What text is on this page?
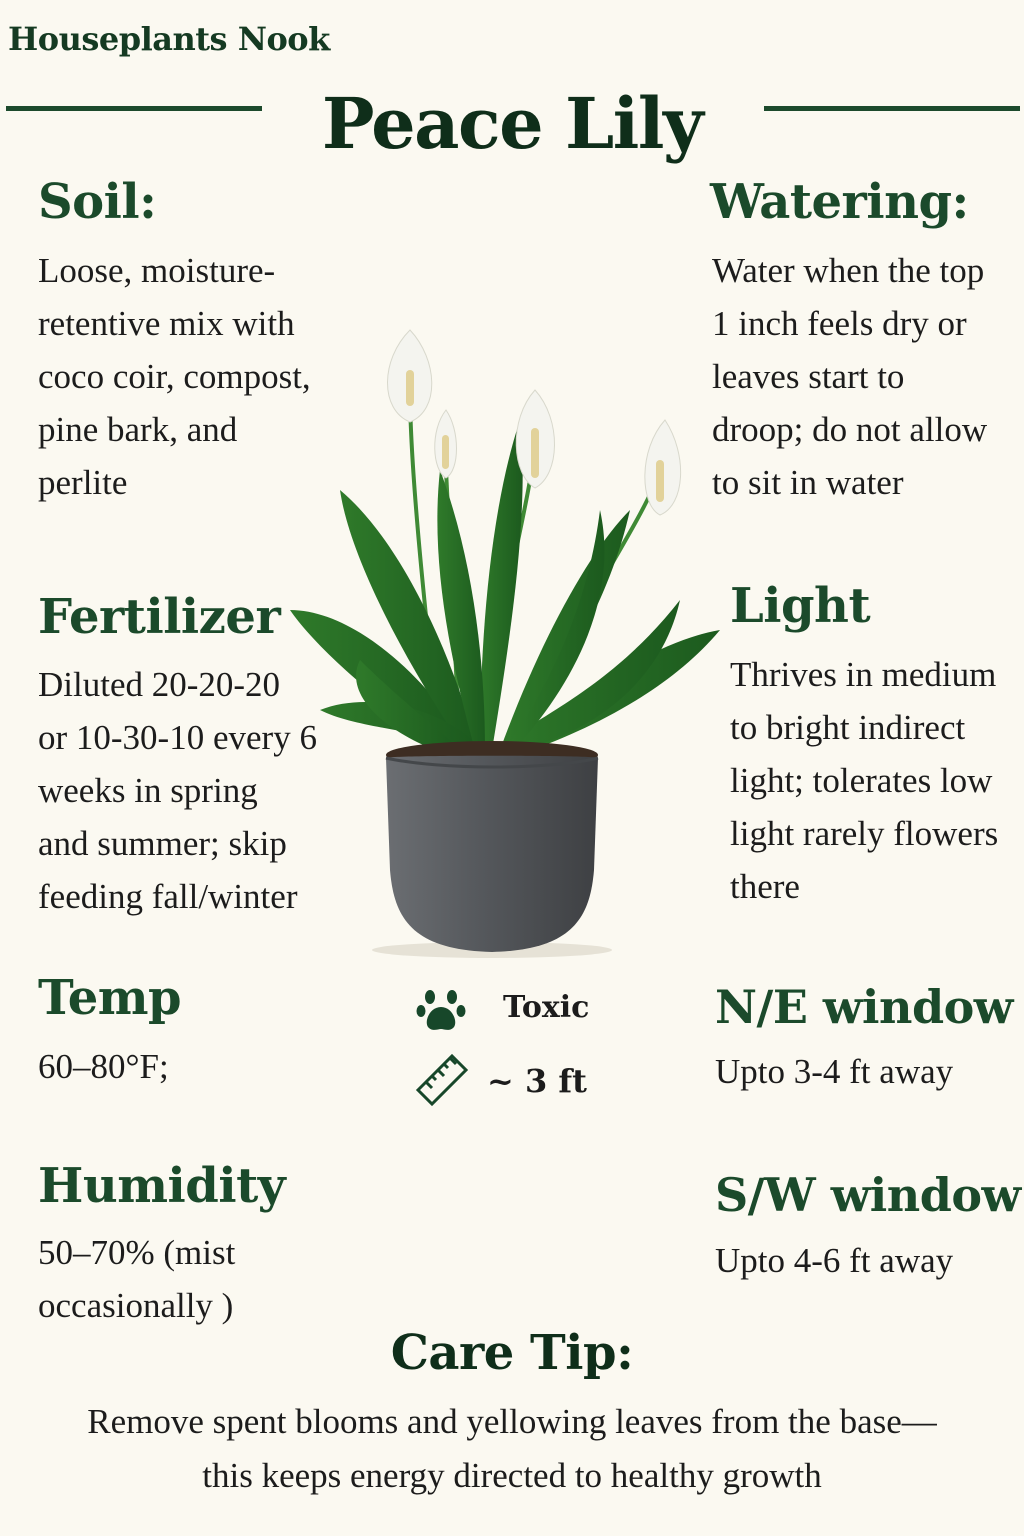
Houseplants Nook
Peace Lily
Soil:
Loose, moisture-
retentive mix with
coco coir, compost,
pine bark, and
perlite
Watering:
Water when the top
1 inch feels dry or
leaves start to
droop; do not allow
to sit in water
Fertilizer
Diluted 20-20-20
or 10-30-10 every 6
weeks in spring
and summer; skip
feeding fall/winter
Light
Thrives in medium
to bright indirect
light; tolerates low
light rarely flowers
there
Temp
60–80°F;
Toxic
~ 3 ft
N/E window
Upto 3-4 ft away
Humidity
50–70% (mist
occasionally )
S/W window
Upto 4-6 ft away
Care Tip:
Remove spent blooms and yellowing leaves from the base—
this keeps energy directed to healthy growth
